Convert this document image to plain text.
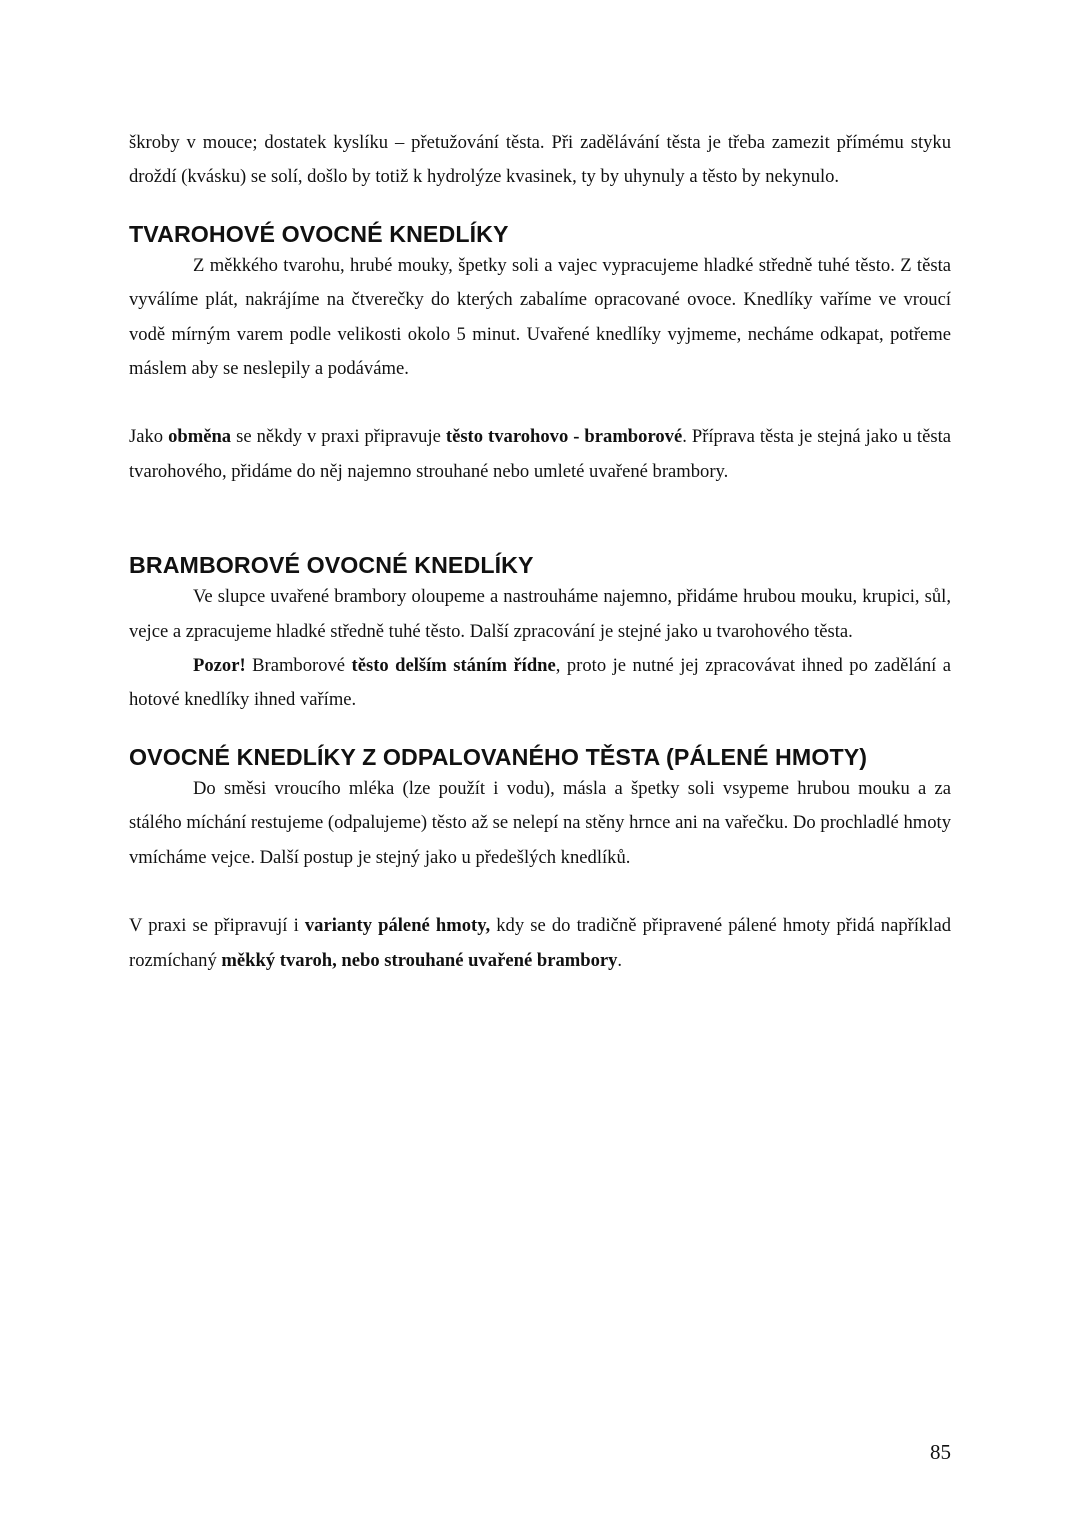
škroby v mouce; dostatek kyslíku – přetužování těsta. Při zadělávání těsta je třeba zamezit přímému styku droždí (kvásku) se solí, došlo by totiž k hydrolýze kvasinek, ty by uhynuly a těsto by nekynulo.

TVAROHOVÉ OVOCNÉ KNEDLÍKY

Z měkkého tvarohu, hrubé mouky, špetky soli a vajec vypracujeme hladké středně tuhé těsto. Z těsta vyválíme plát, nakrájíme na čtverečky do kterých zabalíme opracované ovoce. Knedlíky vaříme ve vroucí vodě mírným varem podle velikosti okolo 5 minut. Uvařené knedlíky vyjmeme, necháme odkapat, potřeme máslem aby se neslepily a podáváme.

Jako obměna se někdy v praxi připravuje těsto tvarohovo - bramborové. Příprava těsta je stejná jako u těsta tvarohového, přidáme do něj najemno strouhané nebo umleté uvařené brambory.

BRAMBOROVÉ OVOCNÉ KNEDLÍKY

Ve slupce uvařené brambory oloupeme a nastrouháme najemno, přidáme hrubou mouku, krupici, sůl, vejce a zpracujeme hladké středně tuhé těsto. Další zpracování je stejné jako u tvarohového těsta.

Pozor! Bramborové těsto delším stáním řídne, proto je nutné jej zpracovávat ihned po zadělání a hotové knedlíky ihned vaříme.

OVOCNÉ KNEDLÍKY Z ODPALOVANÉHO TĚSTA (PÁLENÉ HMOTY)

Do směsi vroucího mléka (lze použít i vodu), másla a špetky soli vsypeme hrubou mouku a za stálého míchání restujeme (odpalujeme) těsto až se nelepí na stěny hrnce ani na vařečku. Do prochladlé hmoty vmícháme vejce. Další postup je stejný jako u předešlých knedlíků.

V praxi se připravují i varianty pálené hmoty, kdy se do tradičně připravené pálené hmoty přidá například rozmíchaný měkký tvaroh, nebo strouhané uvařené brambory.

85
